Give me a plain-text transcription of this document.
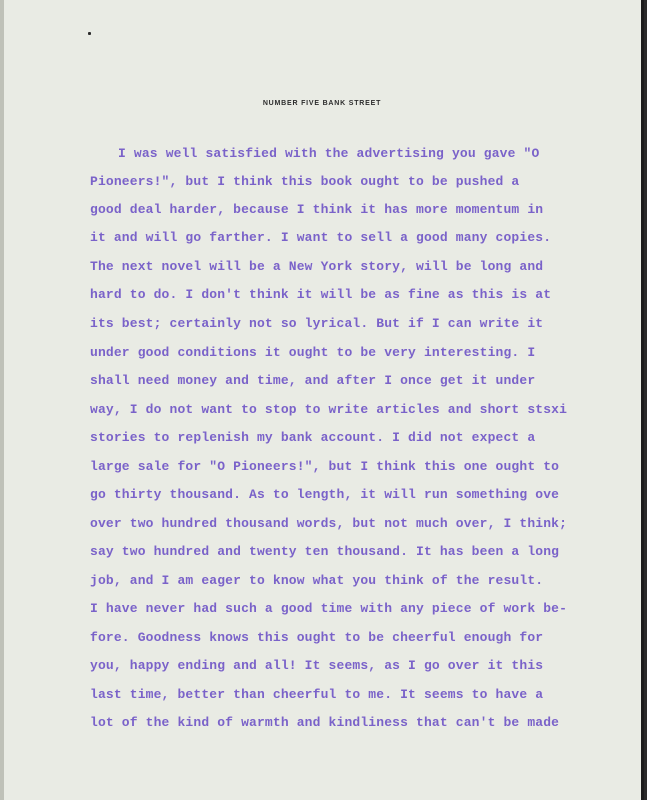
NUMBER FIVE BANK STREET
I was well satisfied with the advertising you gave "O
Pioneers!", but I think this book ought to be pushed a
good deal harder, because I think it has more momentum in
it and will go farther. I want to sell a good many copies.
The next novel will be a New York story, will be long and
hard to do. I don't think it will be as fine as this is at
its best; certainly not so lyrical. But if I can write it
under good conditions it ought to be very interesting. I
shall need money and time, and after I once get it under
way, I do not want to stop to write articles and short stsxi
stories to replenish my bank account. I did not expect a
large sale for "O Pioneers!", but I think this one ought to
go thirty thousand. As to length, it will run something ove
over two hundred thousand words, but not much over, I think;
say two hundred and twenty ten thousand. It has been a long
job, and I am eager to know what you think of the result.
I have never had such a good time with any piece of work be-
fore. Goodness knows this ought to be cheerful enough for
you, happy ending and all! It seems, as I go over it this
last time, better than cheerful to me. It seems to have a
lot of the kind of warmth and kindliness that can't be made
